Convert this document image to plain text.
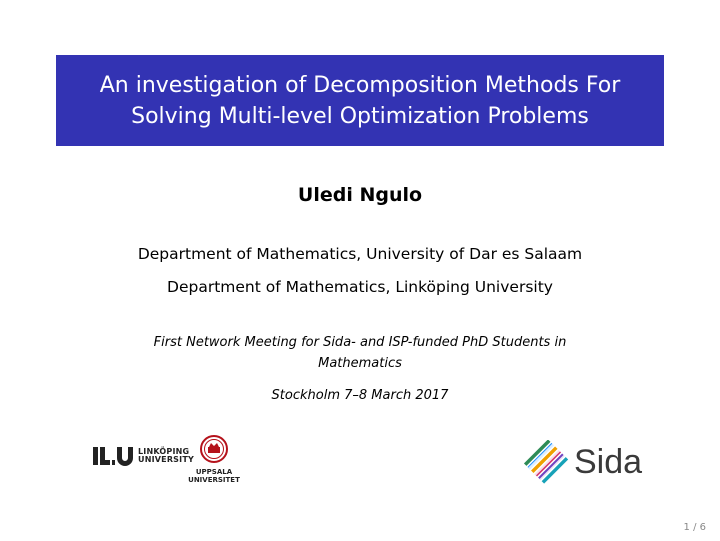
An investigation of Decomposition Methods For
Solving Multi-level Optimization Problems
Uledi Ngulo
Department of Mathematics, University of Dar es Salaam
Department of Mathematics, Linköping University
First Network Meeting for Sida- and ISP-funded PhD Students in
Mathematics
Stockholm 7–8 March 2017
LINKÖPING
UNIVERSITY
UPPSALA
UNIVERSITET	Sida
1 / 6
